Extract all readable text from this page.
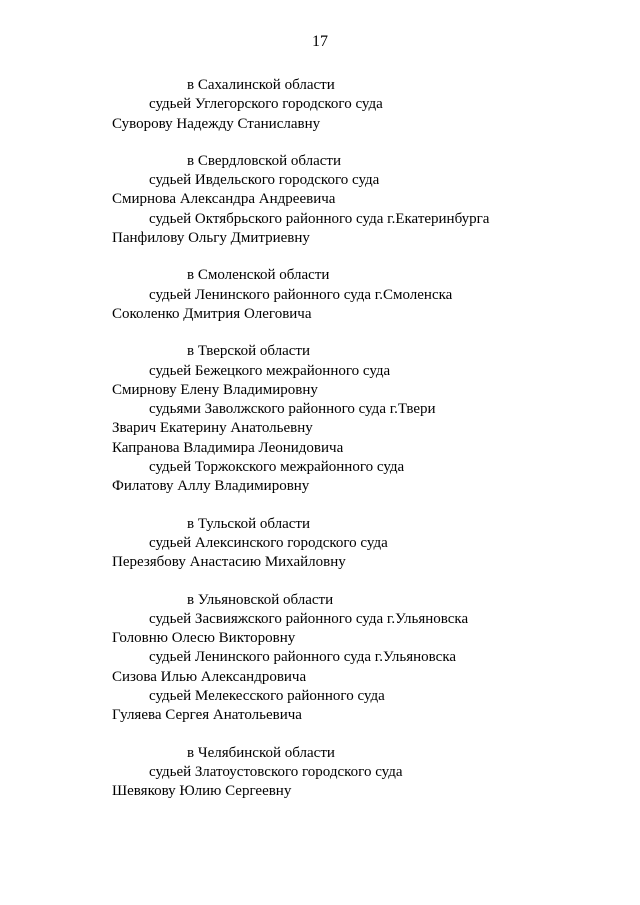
17
в Сахалинской области
судьей Углегорского городского суда
Суворову Надежду Станиславну
в Свердловской области
судьей Ивдельского городского суда
Смирнова Александра Андреевича
судьей Октябрьского районного суда г.Екатеринбурга
Панфилову Ольгу Дмитриевну
в Смоленской области
судьей Ленинского районного суда г.Смоленска
Соколенко Дмитрия Олеговича
в Тверской области
судьей Бежецкого межрайонного суда
Смирнову Елену Владимировну
судьями Заволжского районного суда г.Твери
Зварич Екатерину Анатольевну
Капранова Владимира Леонидовича
судьей Торжокского межрайонного суда
Филатову Аллу Владимировну
в Тульской области
судьей Алексинского городского суда
Перезябову Анастасию Михайловну
в Ульяновской области
судьей Засвияжского районного суда г.Ульяновска
Головню Олесю Викторовну
судьей Ленинского районного суда г.Ульяновска
Сизова Илью Александровича
судьей Мелекесского районного суда
Гуляева Сергея Анатольевича
в Челябинской области
судьей Златоустовского городского суда
Шевякову Юлию Сергеевну
